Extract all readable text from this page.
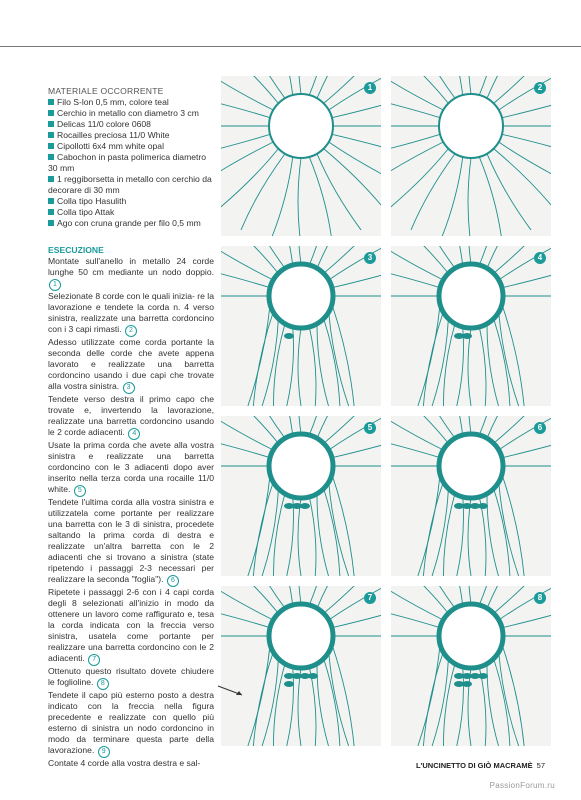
MATERIALE OCCORRENTE
Filo S-lon 0,5 mm, colore teal
Cerchio in metallo con diametro 3 cm
Delicas 11/0 colore 0608
Rocailles preciosa 11/0 White
Cipollotti 6x4 mm white opal
Cabochon in pasta polimerica diametro 30 mm
1 reggiborsetta in metallo con cerchio da decorare di 30 mm
Colla tipo Hasulith
Colla tipo Attak
Ago con cruna grande per filo 0,5 mm
ESECUZIONE
Montate sull'anello in metallo 24 corde lunghe 50 cm mediante un nodo doppio. 1
Selezionate 8 corde con le quali inizia- re la lavorazione e tendete la corda n. 4 verso sinistra, realizzate una barretta cordoncino con i 3 capi rimasti. 2
Adesso utilizzate come corda portante la seconda delle corde che avete appena lavorato e realizzate una barretta cordoncino usando i due capi che trovate alla vostra sinistra. 3
Tendete verso destra il primo capo che trovate e, invertendo la lavorazione, realizzate una barretta cordoncino usando le 2 corde adiacenti. 4
Usate la prima corda che avete alla vostra sinistra e realizzate una barretta cordoncino con le 3 adiacenti dopo aver inserito nella terza corda una rocaille 11/0 white. 5
Tendete l'ultima corda alla vostra sinistra e utilizzatela come portante per realizzare una barretta con le 3 di sinistra, procedete saltando la prima corda di destra e realizzate un'altra barretta con le 2 adiacenti che si trovano a sinistra (state ripetendo i passaggi 2-3 necessari per realizzare la seconda "foglia"). 6
Ripetete i passaggi 2-6 con i 4 capi corda degli 8 selezionati all'inizio in modo da ottenere un lavoro come raffigurato e, tesa la corda indicata con la freccia verso sinistra, usatela come portante per realizzare una barretta cordoncino con le 2 adiacenti. 7
Ottenuto questo risultato dovete chiudere le foglioline. 8
Tendete il capo più esterno posto a destra indicato con la freccia nella figura precedente e realizzate con quello più esterno di sinistra un nodo cordoncino in modo da terminare questa parte della lavorazione. 9
Contate 4 corde alla vostra destra e sal-
1	2
3	4
5	6
7	8
L'UNCINETTO DI GIÒ MACRAMÈ 57
PassionForum.ru
